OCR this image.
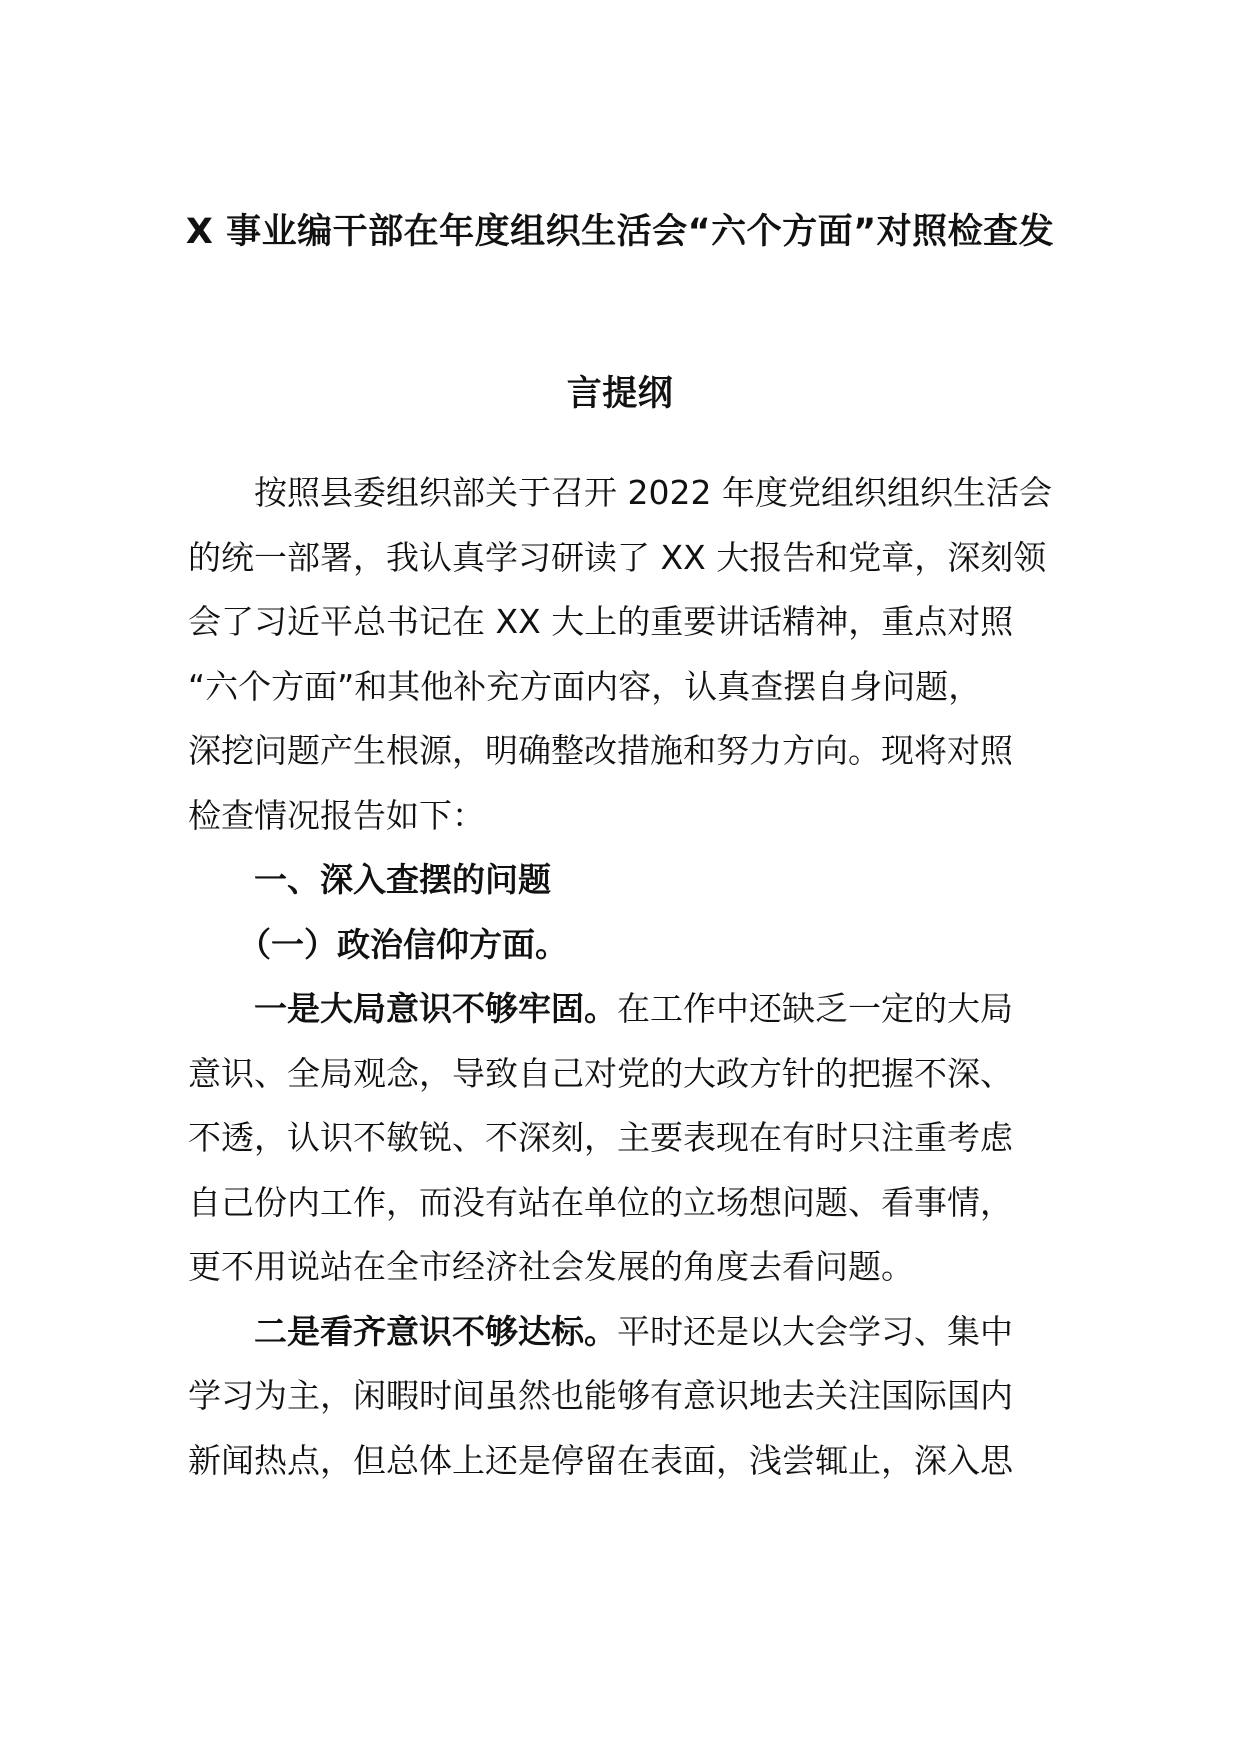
X 事业编干部在年度组织生活会“六个方面”对照检查发
言提纲
按照县委组织部关于召开 2022 年度党组织组织生活会
的统一部署，我认真学习研读了 XX 大报告和党章，深刻领
会了习近平总书记在 XX 大上的重要讲话精神，重点对照
“六个方面”和其他补充方面内容，认真查摆自身问题，
深挖问题产生根源，明确整改措施和努力方向。现将对照
检查情况报告如下：
一、深入查摆的问题
（一）政治信仰方面。
一是大局意识不够牢固。在工作中还缺乏一定的大局
意识、全局观念，导致自己对党的大政方针的把握不深、
不透，认识不敏锐、不深刻，主要表现在有时只注重考虑
自己份内工作，而没有站在单位的立场想问题、看事情，
更不用说站在全市经济社会发展的角度去看问题。
二是看齐意识不够达标。平时还是以大会学习、集中
学习为主，闲暇时间虽然也能够有意识地去关注国际国内
新闻热点，但总体上还是停留在表面，浅尝辄止，深入思
